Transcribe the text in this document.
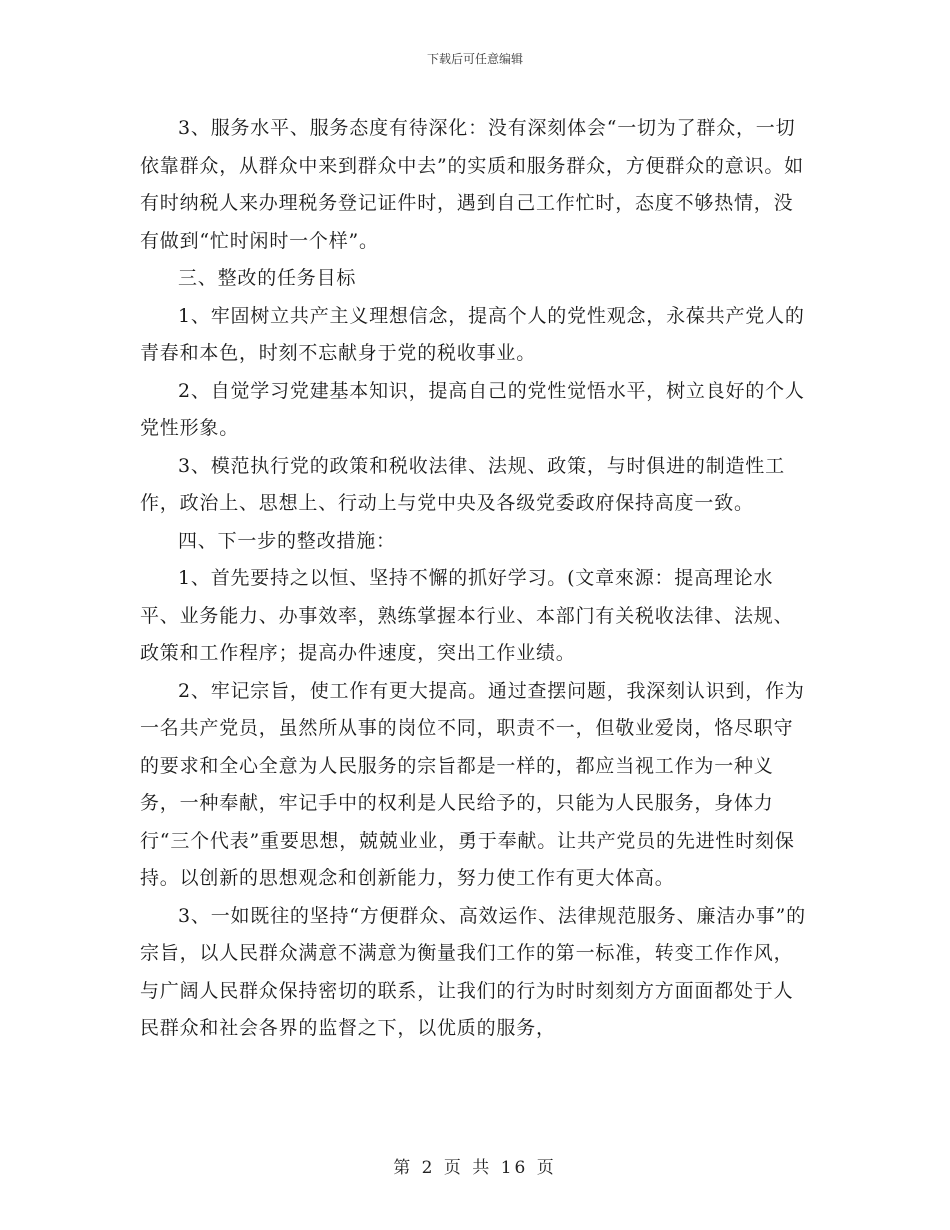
下载后可任意编辑

3、服务水平、服务态度有待深化：没有深刻体会“一切为了群众，一切依靠群众，从群众中来到群众中去”的实质和服务群众，方便群众的意识。如有时纳税人来办理税务登记证件时，遇到自己工作忙时，态度不够热情，没有做到“忙时闲时一个样”。

三、整改的任务目标

1、牢固树立共产主义理想信念，提高个人的党性观念，永葆共产党人的青春和本色，时刻不忘献身于党的税收事业。

2、自觉学习党建基本知识，提高自己的党性觉悟水平，树立良好的个人党性形象。

3、模范执行党的政策和税收法律、法规、政策，与时俱进的制造性工作，政治上、思想上、行动上与党中央及各级党委政府保持高度一致。

四、下一步的整改措施：

1、首先要持之以恒、坚持不懈的抓好学习。(文章來源：提高理论水平、业务能力、办事效率，熟练掌握本行业、本部门有关税收法律、法规、政策和工作程序；提高办件速度，突出工作业绩。

2、牢记宗旨，使工作有更大提高。通过查摆问题，我深刻认识到，作为一名共产党员，虽然所从事的岗位不同，职责不一，但敬业爱岗，恪尽职守的要求和全心全意为人民服务的宗旨都是一样的，都应当视工作为一种义务，一种奉献，牢记手中的权利是人民给予的，只能为人民服务，身体力行“三个代表”重要思想，兢兢业业，勇于奉献。让共产党员的先进性时刻保持。以创新的思想观念和创新能力，努力使工作有更大体高。

3、一如既往的坚持“方便群众、高效运作、法律规范服务、廉洁办事”的宗旨，以人民群众满意不满意为衡量我们工作的第一标准，转变工作作风，与广阔人民群众保持密切的联系，让我们的行为时时刻刻方方面面都处于人民群众和社会各界的监督之下，以优质的服务，

第 2 页 共 16 页
